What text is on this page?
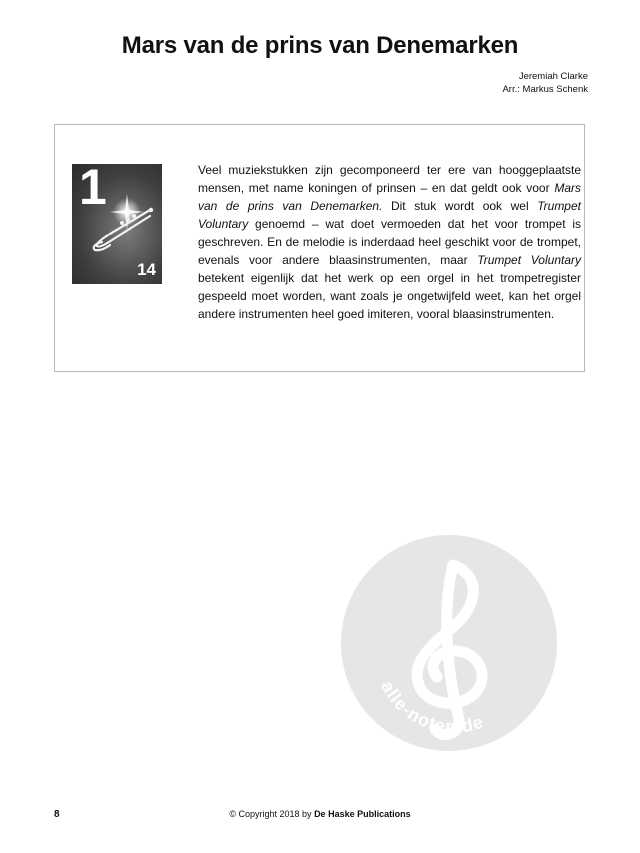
Mars van de prins van Denemarken
Jeremiah Clarke
Arr.: Markus Schenk
1
14
Veel muziekstukken zijn gecomponeerd ter ere van hooggeplaatste mensen, met name koningen of prinsen – en dat geldt ook voor Mars van de prins van Denemarken. Dit stuk wordt ook wel Trumpet Voluntary genoemd – wat doet vermoeden dat het voor trompet is geschreven. En de melodie is inderdaad heel geschikt voor de trompet, evenals voor andere blaasinstrumenten, maar Trumpet Voluntary betekent eigenlijk dat het werk op een orgel in het trompetregister gespeeld moet worden, want zoals je ongetwijfeld weet, kan het orgel andere instrumenten heel goed imiteren, vooral blaasinstrumenten.
alle-noten.de
8	© Copyright 2018 by De Haske Publications
